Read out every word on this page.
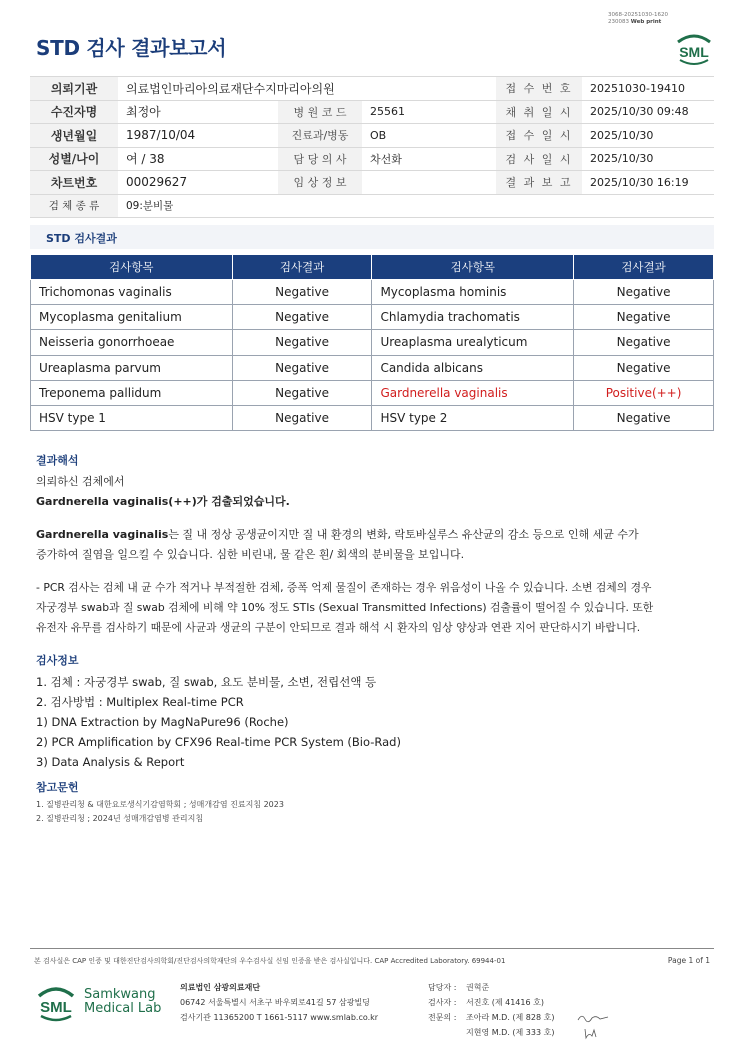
3068-20251030-1620
230083 Web print
SML
STD 검사 결과보고서
의뢰기관	의료법인마리아의료재단수지마리아의원			접 수 번 호	20251030-19410
수진자명	최정아	병 원 코 드	25561	채 취 일 시	2025/10/30 09:48
생년월일	1987/10/04	진료과/병동	OB	접 수 일 시	2025/10/30
성별/나이	여 / 38	담 당 의 사	차선화	검 사 일 시	2025/10/30
차트번호	00029627	임 상 정 보		결 과 보 고	2025/10/30 16:19
검 체 종 류	09:분비물				
STD 검사결과
검사항목	검사결과	검사항목	검사결과
Trichomonas vaginalis	Negative	Mycoplasma hominis	Negative
Mycoplasma genitalium	Negative	Chlamydia trachomatis	Negative
Neisseria gonorrhoeae	Negative	Ureaplasma urealyticum	Negative
Ureaplasma parvum	Negative	Candida albicans	Negative
Treponema pallidum	Negative	Gardnerella vaginalis	Positive(++)
HSV type 1	Negative	HSV type 2	Negative
결과해석
의뢰하신 검체에서
Gardnerella vaginalis(++)가 검출되었습니다.
Gardnerella vaginalis는 질 내 정상 공생균이지만 질 내 환경의 변화, 락토바실루스 유산균의 감소 등으로 인해 세균 수가
증가하여 질염을 일으킬 수 있습니다. 심한 비린내, 물 같은 흰/ 회색의 분비물을 보입니다.
- PCR 검사는 검체 내 균 수가 적거나 부적절한 검체, 증폭 억제 물질이 존재하는 경우 위음성이 나올 수 있습니다. 소변 검체의 경우
자궁경부 swab과 질 swab 검체에 비해 약 10% 정도 STIs (Sexual Transmitted Infections) 검출률이 떨어질 수 있습니다. 또한
유전자 유무를 검사하기 때문에 사균과 생균의 구분이 안되므로 결과 해석 시 환자의 임상 양상과 연관 지어 판단하시기 바랍니다.
검사정보
1. 검체 : 자궁경부 swab, 질 swab, 요도 분비물, 소변, 전립선액 등
2. 검사방법 : Multiplex Real-time PCR
1) DNA Extraction by MagNaPure96 (Roche)
2) PCR Amplification by CFX96 Real-time PCR System (Bio-Rad)
3) Data Analysis & Report
참고문헌
1. 질병관리청 & 대한요로생식기감염학회 ; 성매개감염 진료지침 2023
2. 질병관리청 ; 2024년 성매개감염병 관리지침
본 검사실은 CAP 인증 및 대한진단검사의학회/진단검사의학재단의 우수검사실 신임 인증을 받은 검사실입니다. CAP Accredited Laboratory. 69944-01	Page 1 of 1
SML
Samkwang
Medical Lab
의료법인 삼광의료재단
06742 서울특별시 서초구 바우뫼로41길 57 삼광빌딩
검사기관 11365200 T 1661-5117 www.smlab.co.kr
담당자 :	권혁준
검사자 :	서진호 (제 41416 호)
전문의 :	조아라 M.D. (제 828 호)
지현영 M.D. (제 333 호)
